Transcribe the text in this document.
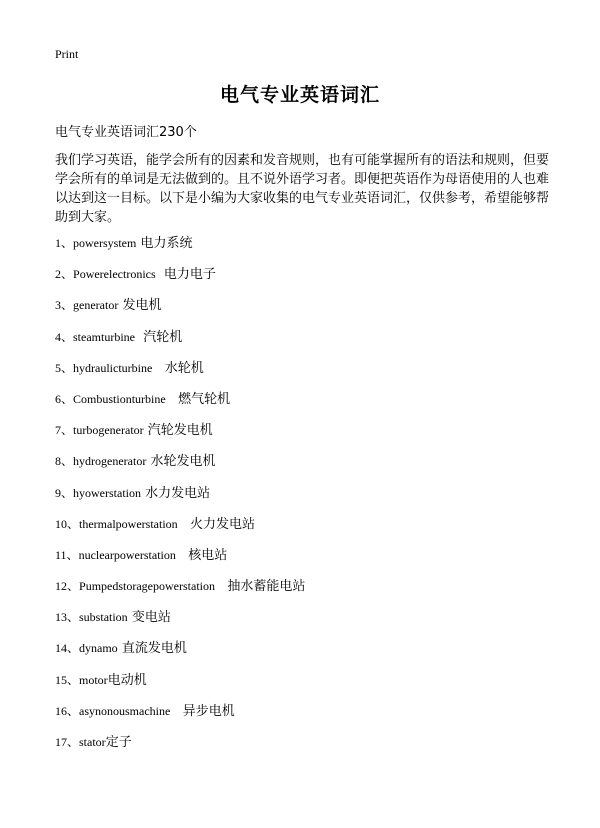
Print
电气专业英语词汇
电气专业英语词汇230个

我们学习英语，能学会所有的因素和发音规则，也有可能掌握所有的语法和规则，但要学会所有的单词是无法做到的。且不说外语学习者。即便把英语作为母语使用的人也难以达到这一目标。以下是小编为大家收集的电气专业英语词汇，仅供参考，希望能够帮助到大家。

1、powersystem 电力系统
2、Powerelectronics  电力电子
3、generator 发电机
4、steamturbine  汽轮机
5、hydraulicturbine   水轮机
6、Combustionturbine   燃气轮机
7、turbogenerator 汽轮发电机
8、hydrogenerator 水轮发电机
9、hyowerstation 水力发电站
10、thermalpowerstation   火力发电站
11、nuclearpowerstation   核电站
12、Pumpedstoragepowerstation   抽水蓄能电站
13、substation 变电站
14、dynamo 直流发电机
15、motor电动机
16、asynonousmachine   异步电机
17、stator定子
